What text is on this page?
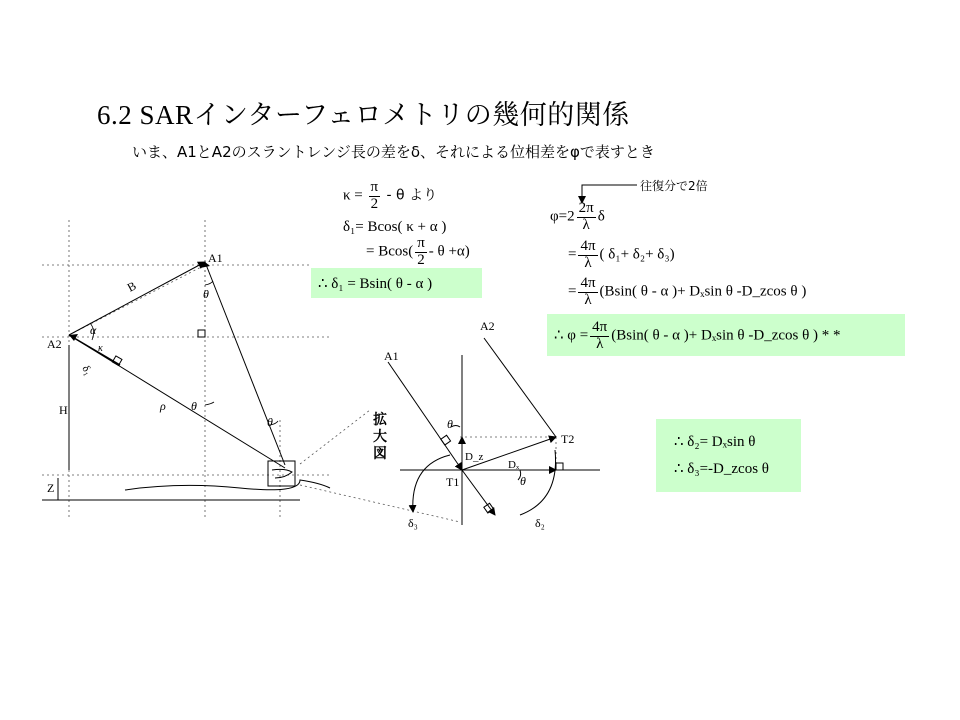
6.2 SARインターフェロメトリの幾何的関係
いま、A1とA2のスラントレンジ長の差をδ、それによる位相差をφで表すとき
$\kappa = \frac{\pi}{2} - \theta$ より
δ₁= Bcos( κ + α )
= $Bcos( \frac{\pi}{2} - \theta +\alpha)$
∴ δ₁ = Bsin( θ - α )
往復分で2倍
$\varphi=2 \frac{2\pi}{\lambda}$ δ
= $\frac{4\pi}{\lambda}$ ( δ₁+ δ₂+ δ₃)
= $\frac{4\pi}{\lambda} (Bsin$( θ - α )+ Dₓsin θ -D_zcos θ )
∴ $\varphi = \frac{4\pi}{\lambda} (Bsin$( θ - α )+ Dₓsin θ -D_zcos θ ) * *
∴ δ₂= Dₓsin θ
∴ δ₃=-D_zcos θ
A1
A2
B
α
κ
δ₁
θ
θ
θ
ρ
H
Z
A1
A2
T1
T2
D_z
Dₓ
θ
θ
δ₂
δ₃
拡大図
